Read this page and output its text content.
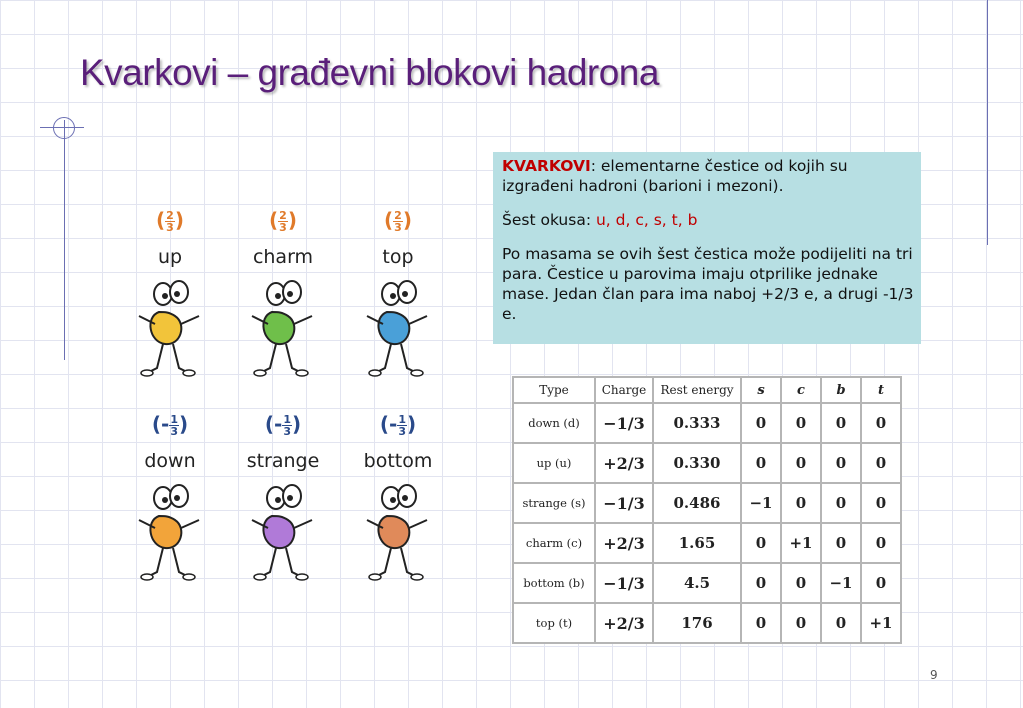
Kvarkovi – građevni blokovi hadrona
9

KVARKOVI: elementarne čestice od kojih su izgrađeni hadroni (barioni i mezoni).

Šest okusa: u, d, c, s, t, b

Po masama se ovih šest čestica može podijeliti na tri para. Čestice u parovima imaju otprilike jednake mase. Jedan član para ima naboj +2/3 e, a drugi -1/3 e.

( $\frac{2}{3}$)
up
( $\frac{2}{3}$)
charm
( $\frac{2}{3}$)
top
(- $\frac{1}{3}$)
down
(- $\frac{1}{3}$)
strange
(- $\frac{1}{3}$)
bottom
Type	Charge	Rest energy	s	c	b	t
down (d)	−1/3	0.333	0	0	0	0
up (u)	+2/3	0.330	0	0	0	0
strange (s)	−1/3	0.486	−1	0	0	0
charm (c)	+2/3	1.65	0	+1	0	0
bottom (b)	−1/3	4.5	0	0	−1	0
top (t)	+2/3	176	0	0	0	+1
